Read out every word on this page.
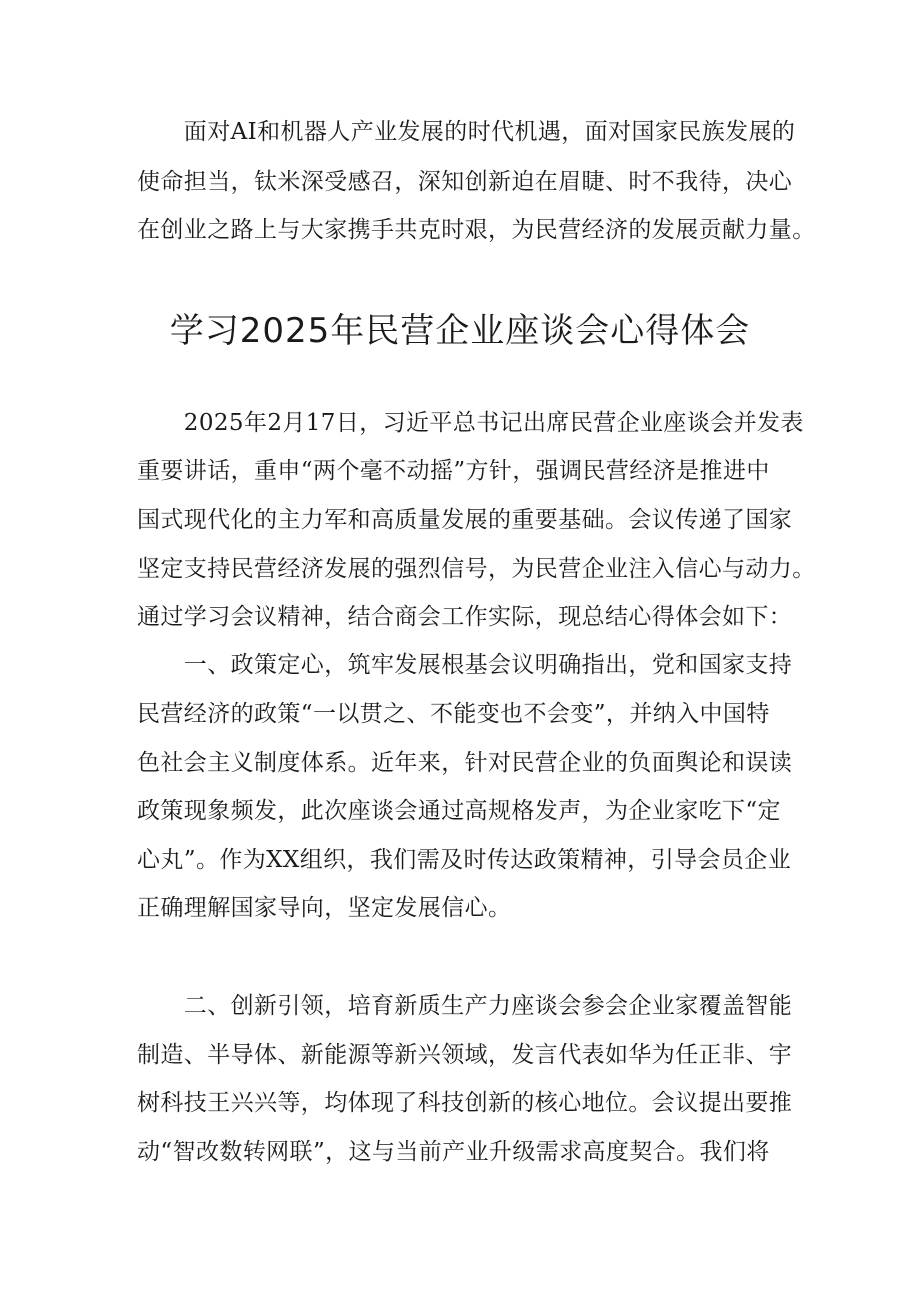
　　面对AI和机器人产业发展的时代机遇，面对国家民族发展的
使命担当，钛米深受感召，深知创新迫在眉睫、时不我待，决心
在创业之路上与大家携手共克时艰，为民营经济的发展贡献力量。
学习2025年民营企业座谈会心得体会
　　2025年2月17日，习近平总书记出席民营企业座谈会并发表
重要讲话，重申“两个毫不动摇”方针，强调民营经济是推进中
国式现代化的主力军和高质量发展的重要基础。会议传递了国家
坚定支持民营经济发展的强烈信号，为民营企业注入信心与动力。
通过学习会议精神，结合商会工作实际，现总结心得体会如下：
　　一、政策定心，筑牢发展根基会议明确指出，党和国家支持
民营经济的政策“一以贯之、不能变也不会变”，并纳入中国特
色社会主义制度体系。近年来，针对民营企业的负面舆论和误读
政策现象频发，此次座谈会通过高规格发声，为企业家吃下“定
心丸”。作为XX组织，我们需及时传达政策精神，引导会员企业
正确理解国家导向，坚定发展信心。
　　二、创新引领，培育新质生产力座谈会参会企业家覆盖智能
制造、半导体、新能源等新兴领域，发言代表如华为任正非、宇
树科技王兴兴等，均体现了科技创新的核心地位。会议提出要推
动“智改数转网联”，这与当前产业升级需求高度契合。我们将
